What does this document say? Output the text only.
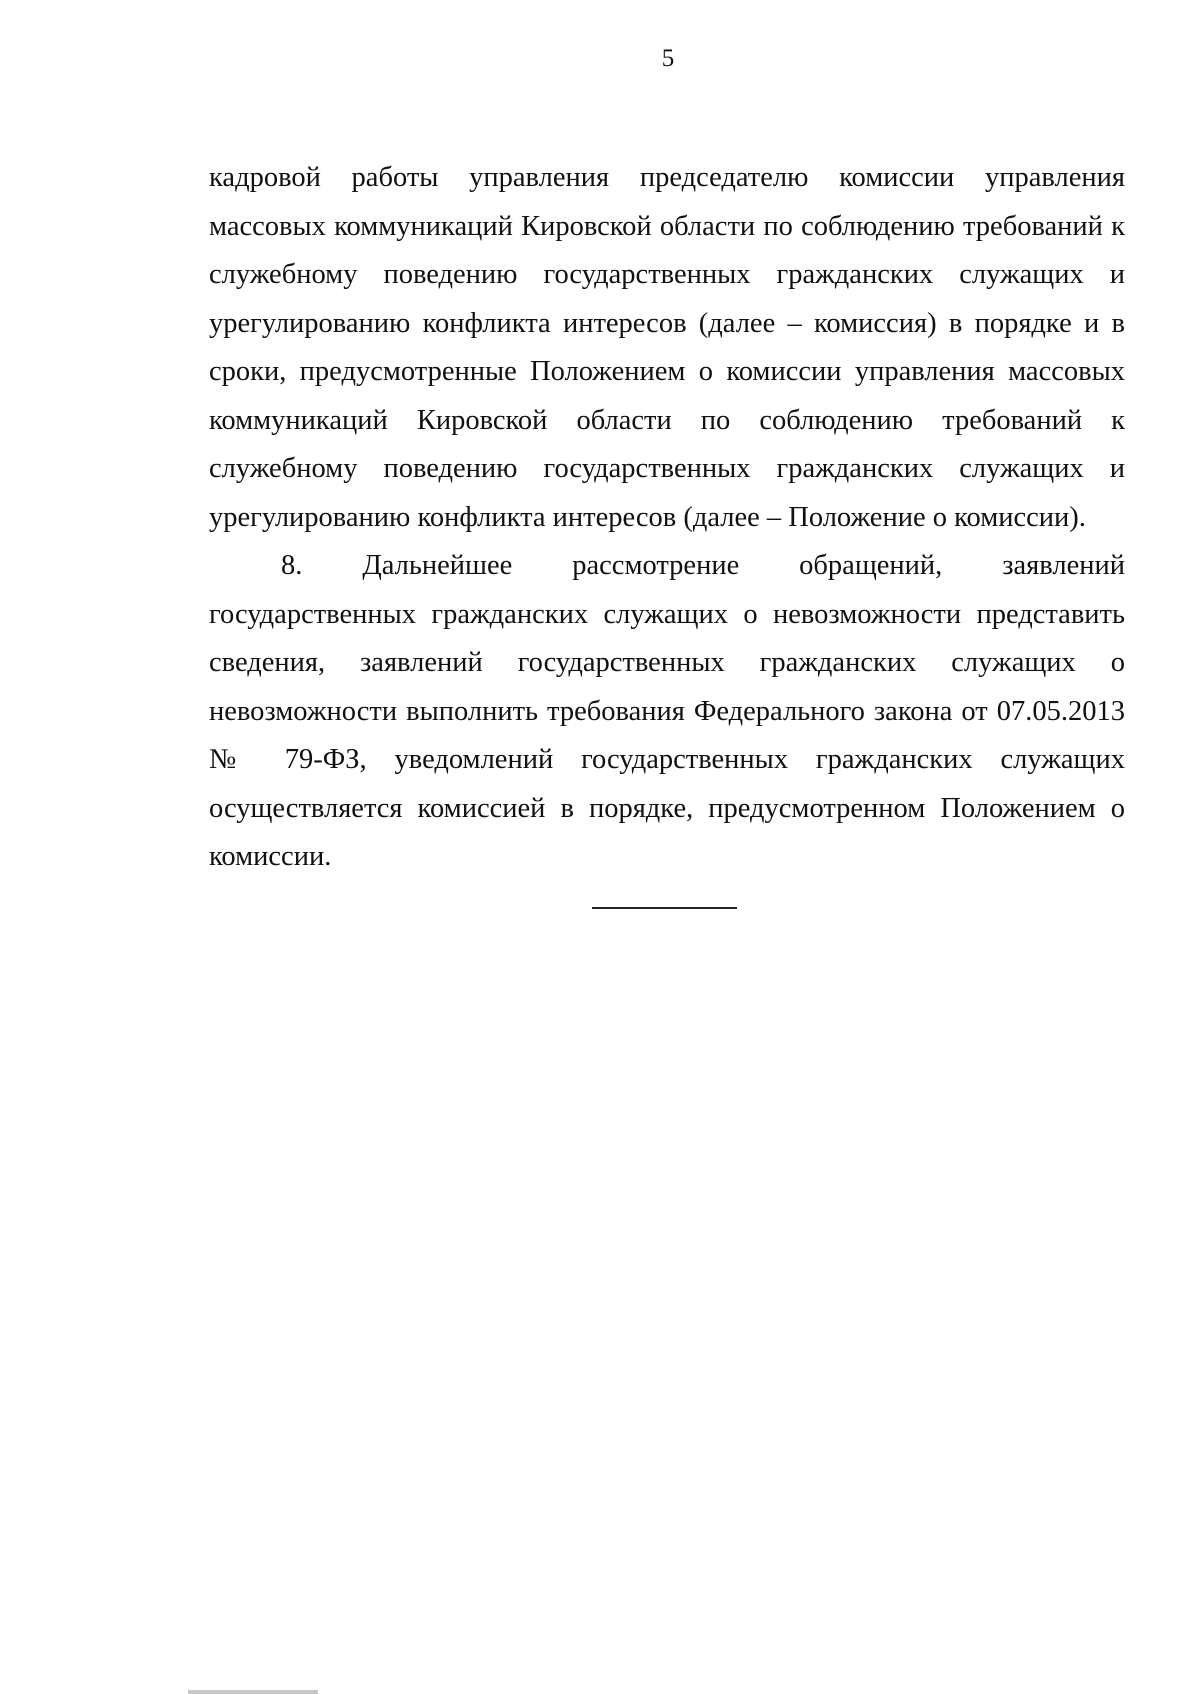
5

кадровой работы управления председателю комиссии управления массовых коммуникаций Кировской области по соблюдению требований к служебному поведению государственных гражданских служащих и урегулированию конфликта интересов (далее – комиссия) в порядке и в сроки, предусмотренные Положением о комиссии управления массовых коммуникаций Кировской области по соблюдению требований к служебному поведению государственных гражданских служащих и урегулированию конфликта интересов (далее – Положение о комиссии).

8. Дальнейшее рассмотрение обращений, заявлений государственных гражданских служащих о невозможности представить сведения, заявлений государственных гражданских служащих о невозможности выполнить требования Федерального закона от 07.05.2013 № 79-ФЗ, уведомлений государственных гражданских служащих осуществляется комиссией в порядке, предусмотренном Положением о комиссии.
